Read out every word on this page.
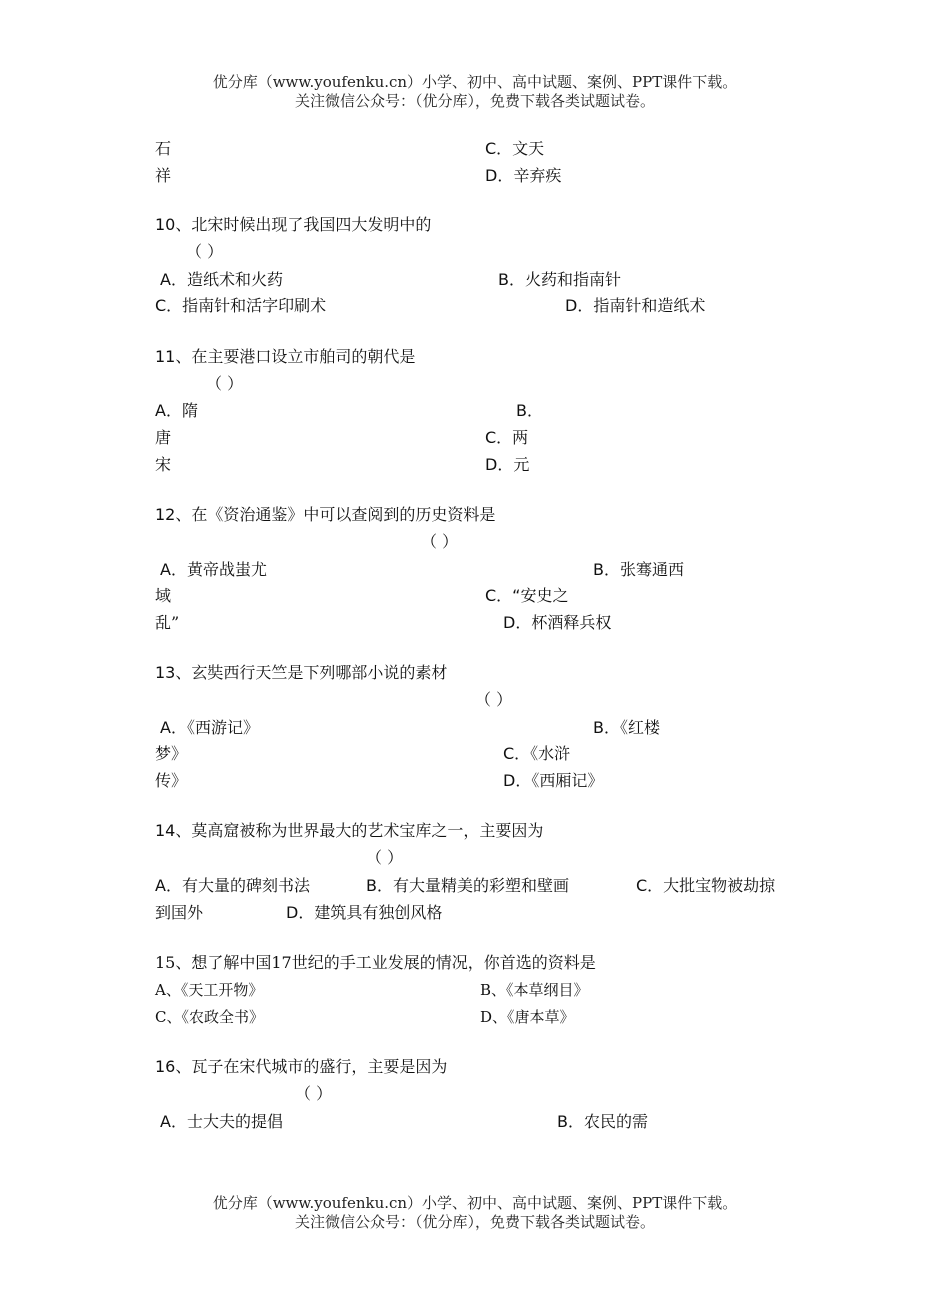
优分库（www.youfenku.cn）小学、初中、高中试题、案例、PPT课件下载。
关注微信公众号：（优分库），免费下载各类试题试卷。
石	C．文天
祥	D．辛弃疾
10、北宋时候出现了我国四大发明中的
（ ）
A．造纸术和火药	B．火药和指南针
C．指南针和活字印刷术	D．指南针和造纸术
11、在主要港口设立市舶司的朝代是
（ ）
A．隋	B．
唐	C．两
宋	D．元
12、在《资治通鉴》中可以查阅到的历史资料是
（ ）
A．黄帝战蚩尤	B．张骞通西
域	C．“安史之
乱”	D．杯酒释兵权
13、玄奘西行天竺是下列哪部小说的素材
（ ）
A．《西游记》	B．《红楼
梦》	C．《水浒
传》	D．《西厢记》
14、莫高窟被称为世界最大的艺术宝库之一，主要因为
（ ）
A．有大量的碑刻书法	B．有大量精美的彩塑和壁画	C．大批宝物被劫掠
到国外	D．建筑具有独创风格
15、想了解中国17世纪的手工业发展的情况，你首选的资料是
A、《天工开物》	B、《本草纲目》
C、《农政全书》	D、《唐本草》
16、瓦子在宋代城市的盛行，主要是因为
（ ）
A．士大夫的提倡	B．农民的需
优分库（www.youfenku.cn）小学、初中、高中试题、案例、PPT课件下载。
关注微信公众号：（优分库），免费下载各类试题试卷。
